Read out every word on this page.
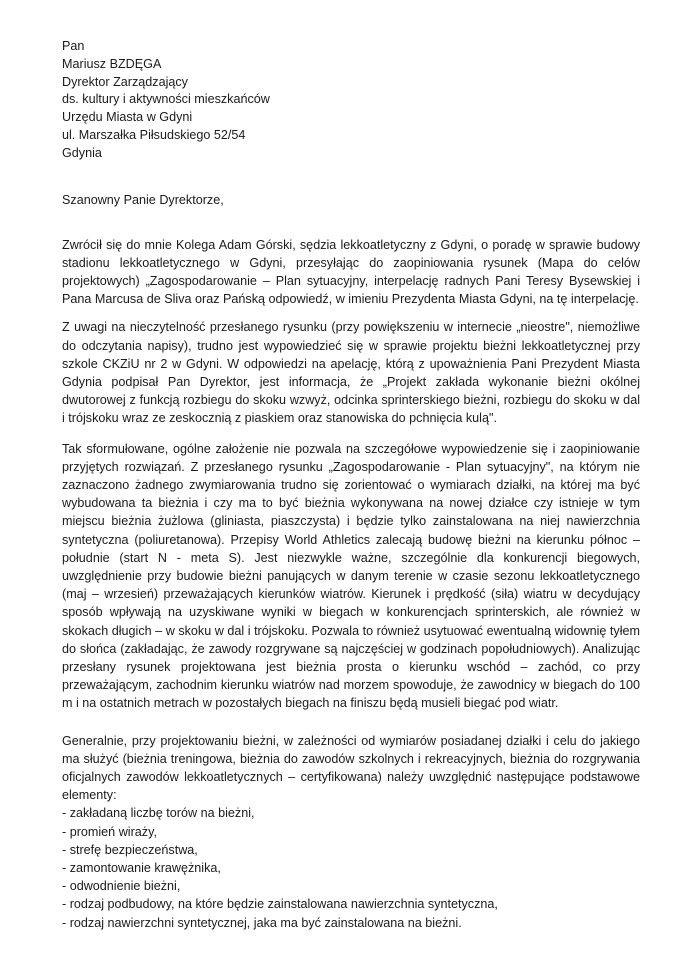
Pan
Mariusz BZDĘGA
Dyrektor Zarządzający
ds. kultury i aktywności mieszkańców
Urzędu Miasta w Gdyni
ul. Marszałka Piłsudskiego 52/54
Gdynia
Szanowny Panie Dyrektorze,

Zwrócił się do mnie Kolega Adam Górski, sędzia lekkoatletyczny z Gdyni, o poradę w sprawie budowy stadionu lekkoatletycznego w Gdyni, przesyłając do zaopiniowania rysunek (Mapa do celów projektowych) „Zagospodarowanie – Plan sytuacyjny, interpelację radnych Pani Teresy Bysewskiej i Pana Marcusa de Sliva oraz Pańską odpowiedź, w imieniu Prezydenta Miasta Gdyni, na tę interpelację.

Z uwagi na nieczytelność przesłanego rysunku (przy powiększeniu w internecie „nieostre", niemożliwe do odczytania napisy), trudno jest wypowiedzieć się w sprawie projektu bieżni lekkoatletycznej przy szkole CKZiU nr 2 w Gdyni. W odpowiedzi na apelację, którą z upoważnienia Pani Prezydent Miasta Gdynia podpisał Pan Dyrektor, jest informacja, że „Projekt zakłada wykonanie bieżni okólnej dwutorowej z funkcją rozbiegu do skoku wzwyż, odcinka sprinterskiego bieżni, rozbiegu do skoku w dal i trójskoku wraz ze zeskocznią z piaskiem oraz stanowiska do pchnięcia kulą".

Tak sformułowane, ogólne założenie nie pozwala na szczegółowe wypowiedzenie się i zaopiniowanie przyjętych rozwiązań. Z przesłanego rysunku „Zagospodarowanie - Plan sytuacyjny", na którym nie zaznaczono żadnego zwymiarowania trudno się zorientować o wymiarach działki, na której ma być wybudowana ta bieżnia i czy ma to być bieżnia wykonywana na nowej działce czy istnieje w tym miejscu bieżnia żużlowa (gliniasta, piaszczysta) i będzie tylko zainstalowana na niej nawierzchnia syntetyczna (poliuretanowa). Przepisy World Athletics zalecają budowę bieżni na kierunku północ – południe (start N - meta S). Jest niezwykle ważne, szczególnie dla konkurencji biegowych, uwzględnienie przy budowie bieżni panujących w danym terenie w czasie sezonu lekkoatletycznego (maj – wrzesień) przeważających kierunków wiatrów. Kierunek i prędkość (siła) wiatru w decydujący sposób wpływają na uzyskiwane wyniki w biegach w konkurencjach sprinterskich, ale również w skokach długich – w skoku w dal i trójskoku. Pozwala to również usytuować ewentualną widownię tyłem do słońca (zakładając, że zawody rozgrywane są najczęściej w godzinach popołudniowych). Analizując przesłany rysunek projektowana jest bieżnia prosta o kierunku wschód – zachód, co przy przeważającym, zachodnim kierunku wiatrów nad morzem spowoduje, że zawodnicy w biegach do 100 m i na ostatnich metrach w pozostałych biegach na finiszu będą musieli biegać pod wiatr.

Generalnie, przy projektowaniu bieżni, w zależności od wymiarów posiadanej działki i celu do jakiego ma służyć (bieżnia treningowa, bieżnia do zawodów szkolnych i rekreacyjnych, bieżnia do rozgrywania oficjalnych zawodów lekkoatletycznych – certyfikowana) należy uwzględnić następujące podstawowe elementy:

- zakładaną liczbę torów na bieżni,
- promień wiraży,
- strefę bezpieczeństwa,
- zamontowanie krawężnika,
- odwodnienie bieżni,
- rodzaj podbudowy, na które będzie zainstalowana nawierzchnia syntetyczna,
- rodzaj nawierzchni syntetycznej, jaka ma być zainstalowana na bieżni.
